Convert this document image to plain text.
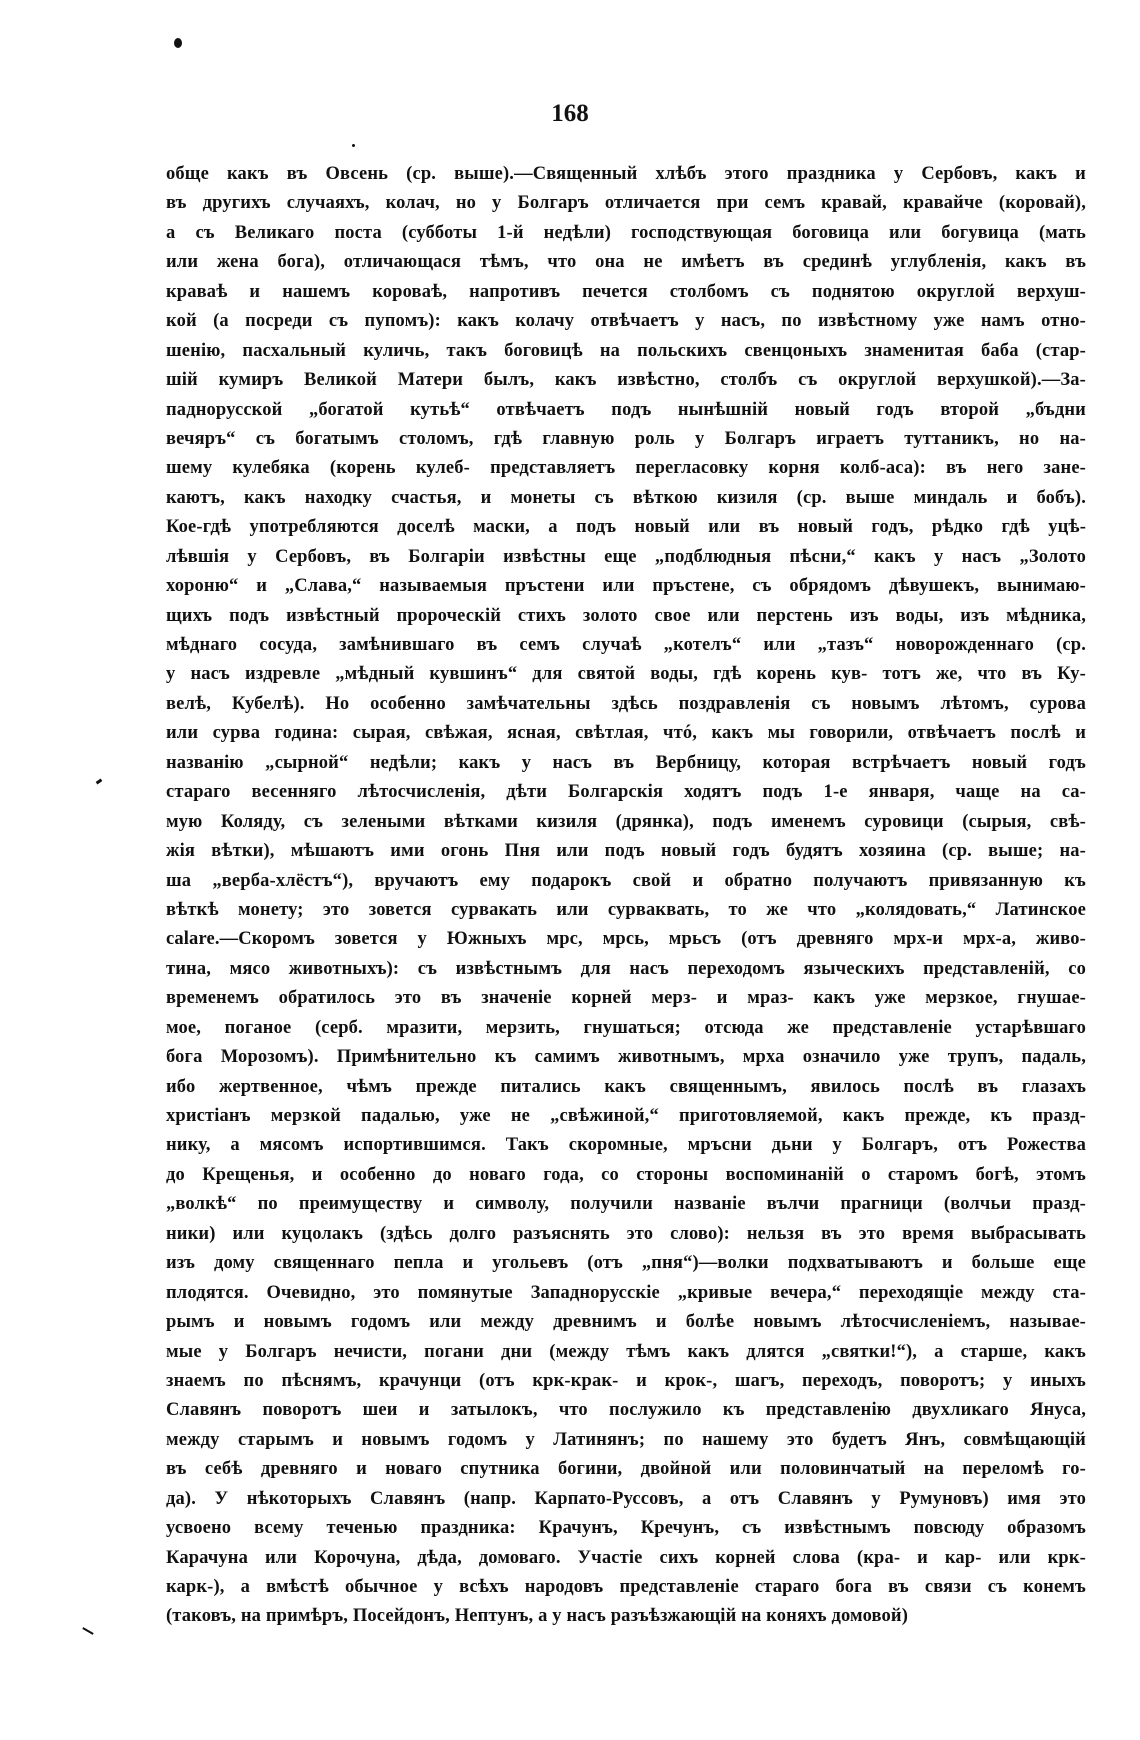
168
обще какъ въ Овсень (ср. выше).—Священный хлѣбъ этого праздника у Сербовъ, какъ и
въ другихъ случаяхъ, колач, но у Болгаръ отличается при семъ кравай, кравайче (коровай),
а съ Великаго поста (субботы 1-й недѣли) господствующая боговица или богувица (мать
или жена бога), отличающася тѣмъ, что она не имѣетъ въ срединѣ углубленія, какъ въ
кравaѣ и нашемъ короваѣ, напротивъ печется столбомъ съ поднятою округлой верхуш-
кой (а посреди съ пупомъ): какъ колачу отвѣчаетъ у насъ, по извѣстному уже намъ отно-
шенію, пасхальный куличь, такъ боговицѣ на польскихъ свенцоныхъ знаменитая баба (стар-
шій кумиръ Великой Матери былъ, какъ извѣстно, столбъ съ округлой верхушкой).—За-
паднорусской „богатой кутьѣ“ отвѣчаетъ подъ нынѣшній новый годъ второй „бъдни
вечяръ“ съ богатымъ столомъ, гдѣ главную роль у Болгаръ играетъ туттаникъ, но на-
шему кулебяка (корень кулеб- представляетъ перегласовку корня колб-аса): въ него зане-
каютъ, какъ находку счастья, и монеты съ вѣткою кизиля (ср. выше миндаль и бобъ).
Кое-гдѣ употребляются доселѣ маски, а подъ новый или въ новый годъ, рѣдко гдѣ уцѣ-
лѣвшія у Сербовъ, въ Болгаріи извѣстны еще „подблюдныя пѣсни,“ какъ у насъ „Золото
хороню“ и „Слава,“ называемыя пръстени или пръстене, съ обрядомъ дѣвушекъ, вынимаю-
щихъ подъ извѣстный пророческій стихъ золото свое или перстень изъ воды, изъ мѣдника,
мѣднаго сосуда, замѣнившаго въ семъ случаѣ „котелъ“ или „тазъ“ новорожденнаго (ср.
у насъ издревле „мѣдный кувшинъ“ для святой воды, гдѣ корень кув- тотъ же, что въ Ку-
велѣ, Кубелѣ). Но особенно замѣчательны здѣсь поздравленія съ новымъ лѣтомъ, сурова
или сурва година: сырая, свѣжая, ясная, свѣтлая, чтó, какъ мы говорили, отвѣчаетъ послѣ и
названію „сырной“ недѣли; какъ у насъ въ Вербницу, которая встрѣчаетъ новый годъ
стараго весенняго лѣтосчисленія, дѣти Болгарскія ходятъ подъ 1-е января, чаще на са-
мую Коляду, съ зелеными вѣтками кизиля (дрянка), подъ именемъ суровици (сырыя, свѣ-
жія вѣтки), мѣшаютъ ими огонь Пня или подъ новый годъ будятъ хозяина (ср. выше; на-
ша „верба-хлёстъ“), вручаютъ ему подарокъ свой и обратно получаютъ привязанную къ
вѣткѣ монету; это зовется сурвакать или сурваквать, то же что „колядовать,“ Латинское
calare.—Скоромъ зовется у Южныхъ мрс, мрсь, мрьсъ (отъ древняго мрх-и мрх-а, живо-
тина, мясо животныхъ): съ извѣстнымъ для насъ переходомъ языческихъ представленій, со
временемъ обратилось это въ значеніе корней мерз- и мраз- какъ уже мерзкое, гнушае-
мое, поганое (серб. мразити, мерзить, гнушаться; отсюда же представленіе устарѣвшаго
бога Морозомъ). Примѣнительно къ самимъ животнымъ, мрха означило уже трупъ, падаль,
ибо жертвенное, чѣмъ прежде питались какъ священнымъ, явилось послѣ въ глазахъ
христіанъ мерзкой падалью, уже не „свѣжиной,“ приготовляемой, какъ прежде, къ празд-
нику, а мясомъ испортившимся. Такъ скоромные, мръсни дьни у Болгаръ, отъ Рожества
до Крещенья, и особенно до новаго года, со стороны воспоминаній о старомъ богѣ, этомъ
„волкѣ“ по преимуществу и символу, получили названіе вълчи прагници (волчьи празд-
ники) или куцолакъ (здѣсь долго разъяснять это слово): нельзя въ это время выбрасывать
изъ дому священнаго пепла и угольевъ (отъ „пня“)—волки подхватываютъ и больше еще
плодятся. Очевидно, это помянутые Западнорусскіе „кривые вечера,“ переходящіе между ста-
рымъ и новымъ годомъ или между древнимъ и болѣе новымъ лѣтосчисленіемъ, называе-
мые у Болгаръ нечисти, погани дни (между тѣмъ какъ длятся „святки!“), а старше, какъ
знаемъ по пѣснямъ, крачунци (отъ крк-крак- и крок-, шагъ, переходъ, поворотъ; у иныхъ
Славянъ поворотъ шеи и затылокъ, что послужило къ представленію двухликаго Януса,
между старымъ и новымъ годомъ у Латинянъ; по нашему это будетъ Янъ, совмѣщающій
въ себѣ древняго и новаго спутника богини, двойной или половинчатый на переломѣ го-
да). У нѣкоторыхъ Славянъ (напр. Карпато-Руссовъ, а отъ Славянъ у Румуновъ) имя это
усвоено всему теченью праздника: Крачунъ, Кречунъ, съ извѣстнымъ повсюду образомъ
Карачуна или Корочуна, дѣда, домоваго. Участіе сихъ корней слова (кра- и кар- или крк-
карк-), а вмѣстѣ обычное у всѣхъ народовъ представленіе стараго бога въ связи съ конемъ
(таковъ, на примѣръ, Посейдонъ, Нептунъ, а у насъ разъѣзжающій на коняхъ домовой)
